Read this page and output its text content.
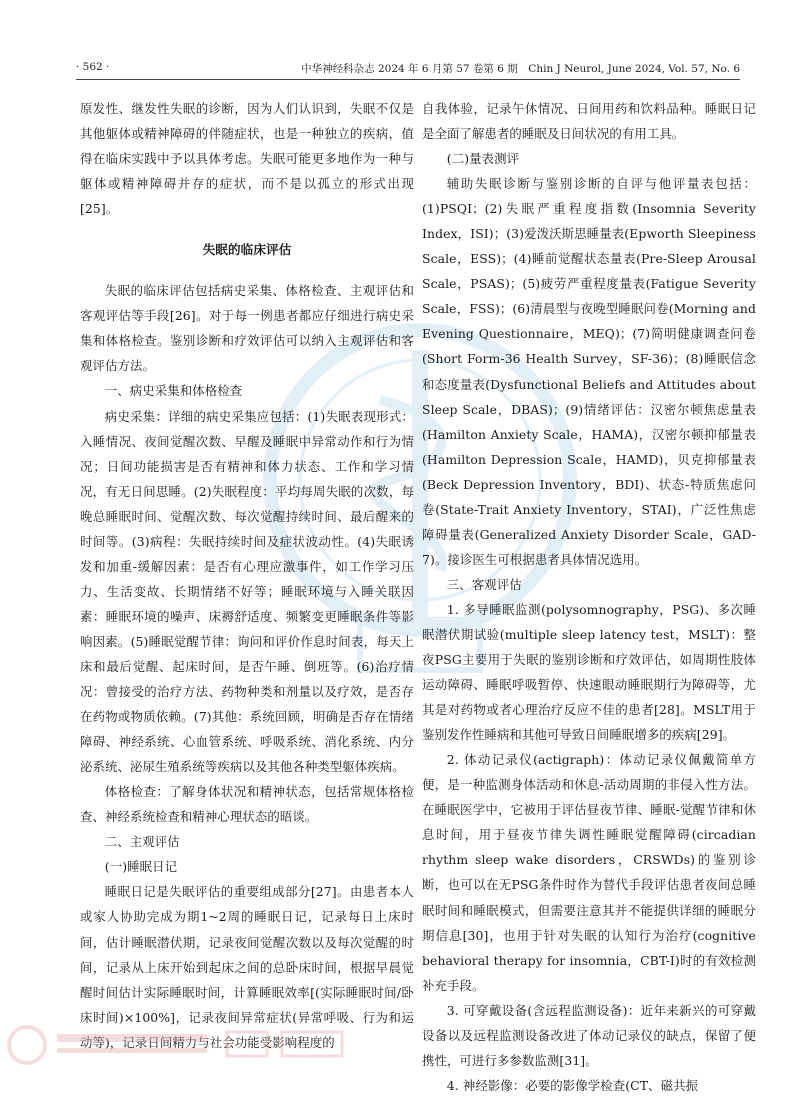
· 562 ·	中华神经科杂志 2024 年 6 月第 57 卷第 6 期　Chin J Neurol, June 2024, Vol. 57, No. 6

原发性、继发性失眠的诊断，因为人们认识到，失眠不仅是其他躯体或精神障碍的伴随症状，也是一种独立的疾病，值得在临床实践中予以具体考虑。失眠可能更多地作为一种与躯体或精神障碍并存的症状，而不是以孤立的形式出现[25]。

失眠的临床评估

失眠的临床评估包括病史采集、体格检查、主观评估和客观评估等手段[26]。对于每一例患者都应仔细进行病史采集和体格检查。鉴别诊断和疗效评估可以纳入主观评估和客观评估方法。

一、病史采集和体格检查

病史采集：详细的病史采集应包括：(1)失眠表现形式：入睡情况、夜间觉醒次数、早醒及睡眠中异常动作和行为情况；日间功能损害是否有精神和体力状态、工作和学习情况，有无日间思睡。(2)失眠程度：平均每周失眠的次数，每晚总睡眠时间、觉醒次数、每次觉醒持续时间、最后醒来的时间等。(3)病程：失眠持续时间及症状波动性。(4)失眠诱发和加重-缓解因素：是否有心理应激事件，如工作学习压力、生活变故、长期情绪不好等；睡眠环境与入睡关联因素：睡眠环境的噪声、床褥舒适度、频繁变更睡眠条件等影响因素。(5)睡眠觉醒节律：询问和评价作息时间表，每天上床和最后觉醒、起床时间，是否午睡、倒班等。(6)治疗情况：曾接受的治疗方法、药物种类和剂量以及疗效，是否存在药物或物质依赖。(7)其他：系统回顾，明确是否存在情绪障碍、神经系统、心血管系统、呼吸系统、消化系统、内分泌系统、泌尿生殖系统等疾病以及其他各种类型躯体疾病。

体格检查：了解身体状况和精神状态，包括常规体格检查、神经系统检查和精神心理状态的晤谈。

二、主观评估

(一)睡眠日记

睡眠日记是失眠评估的重要组成部分[27]。由患者本人或家人协助完成为期1~2周的睡眠日记，记录每日上床时间，估计睡眠潜伏期，记录夜间觉醒次数以及每次觉醒的时间，记录从上床开始到起床之间的总卧床时间，根据早晨觉醒时间估计实际睡眠时间，计算睡眠效率[(实际睡眠时间/卧床时间)×100%]，记录夜间异常症状(异常呼吸、行为和运动等)，记录日间精力与社会功能受影响程度的

自我体验，记录午休情况、日间用药和饮料品种。睡眠日记是全面了解患者的睡眠及日间状况的有用工具。

(二)量表测评

辅助失眠诊断与鉴别诊断的自评与他评量表包括：(1)PSQI；(2)失眠严重程度指数(Insomnia Severity Index，ISI)；(3)爱泼沃斯思睡量表(Epworth Sleepiness Scale，ESS)；(4)睡前觉醒状态量表(Pre-Sleep Arousal Scale，PSAS)；(5)疲劳严重程度量表(Fatigue Severity Scale，FSS)；(6)清晨型与夜晚型睡眠问卷(Morning and Evening Questionnaire，MEQ)；(7)简明健康调查问卷(Short Form-36 Health Survey，SF-36)；(8)睡眠信念和态度量表(Dysfunctional Beliefs and Attitudes about Sleep Scale，DBAS)；(9)情绪评估：汉密尔顿焦虑量表(Hamilton Anxiety Scale，HAMA)，汉密尔顿抑郁量表(Hamilton Depression Scale，HAMD)，贝克抑郁量表(Beck Depression Inventory，BDI)、状态-特质焦虑问卷(State-Trait Anxiety Inventory，STAI)，广泛性焦虑障碍量表(Generalized Anxiety Disorder Scale，GAD-7)。接诊医生可根据患者具体情况选用。

三、客观评估

1. 多导睡眠监测(polysomnography，PSG)、多次睡眠潜伏期试验(multiple sleep latency test，MSLT)：整夜PSG主要用于失眠的鉴别诊断和疗效评估，如周期性肢体运动障碍、睡眠呼吸暂停、快速眼动睡眠期行为障碍等，尤其是对药物或者心理治疗反应不佳的患者[28]。MSLT用于鉴别发作性睡病和其他可导致日间睡眠增多的疾病[29]。

2. 体动记录仪(actigraph)：体动记录仪佩戴简单方便，是一种监测身体活动和休息-活动周期的非侵入性方法。在睡眠医学中，它被用于评估昼夜节律、睡眠-觉醒节律和休息时间，用于昼夜节律失调性睡眠觉醒障碍(circadian rhythm sleep wake disorders，CRSWDs)的鉴别诊断，也可以在无PSG条件时作为替代手段评估患者夜间总睡眠时间和睡眠模式，但需要注意其并不能提供详细的睡眠分期信息[30]，也用于针对失眠的认知行为治疗(cognitive behavioral therapy for insomnia，CBT-I)时的有效检测补充手段。

3. 可穿戴设备(含远程监测设备)：近年来新兴的可穿戴设备以及远程监测设备改进了体动记录仪的缺点，保留了便携性，可进行多参数监测[31]。

4. 神经影像：必要的影像学检查(CT、磁共振
